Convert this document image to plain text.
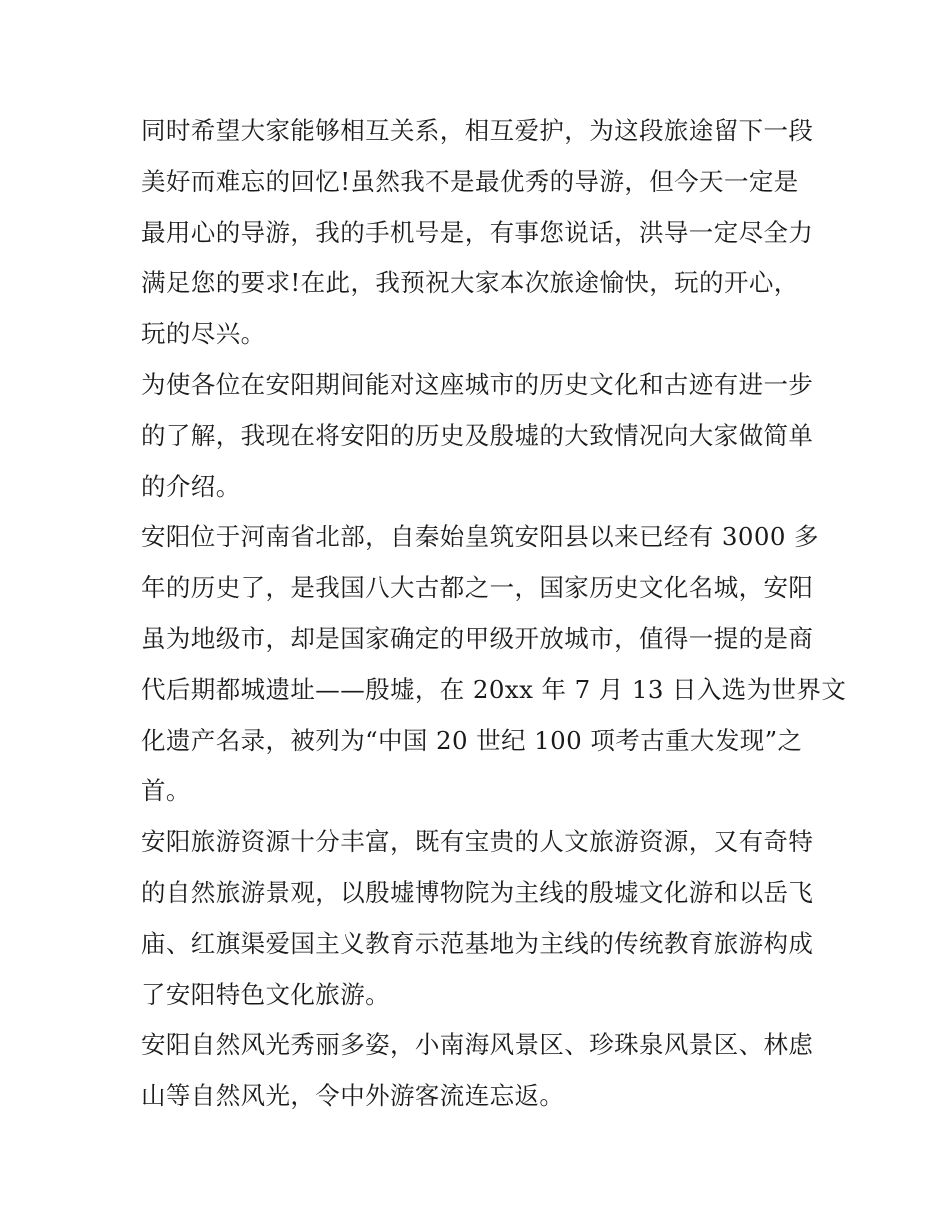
同时希望大家能够相互关系，相互爱护，为这段旅途留下一段
美好而难忘的回忆!虽然我不是最优秀的导游，但今天一定是
最用心的导游，我的手机号是，有事您说话，洪导一定尽全力
满足您的要求!在此，我预祝大家本次旅途愉快，玩的开心，
玩的尽兴。
为使各位在安阳期间能对这座城市的历史文化和古迹有进一步
的了解，我现在将安阳的历史及殷墟的大致情况向大家做简单
的介绍。
安阳位于河南省北部，自秦始皇筑安阳县以来已经有 3000 多
年的历史了，是我国八大古都之一，国家历史文化名城，安阳
虽为地级市，却是国家确定的甲级开放城市，值得一提的是商
代后期都城遗址——殷墟，在 20xx 年 7 月 13 日入选为世界文
化遗产名录，被列为“中国 20 世纪 100 项考古重大发现”之
首。
安阳旅游资源十分丰富，既有宝贵的人文旅游资源，又有奇特
的自然旅游景观，以殷墟博物院为主线的殷墟文化游和以岳飞
庙、红旗渠爱国主义教育示范基地为主线的传统教育旅游构成
了安阳特色文化旅游。
安阳自然风光秀丽多姿，小南海风景区、珍珠泉风景区、林虑
山等自然风光，令中外游客流连忘返。
